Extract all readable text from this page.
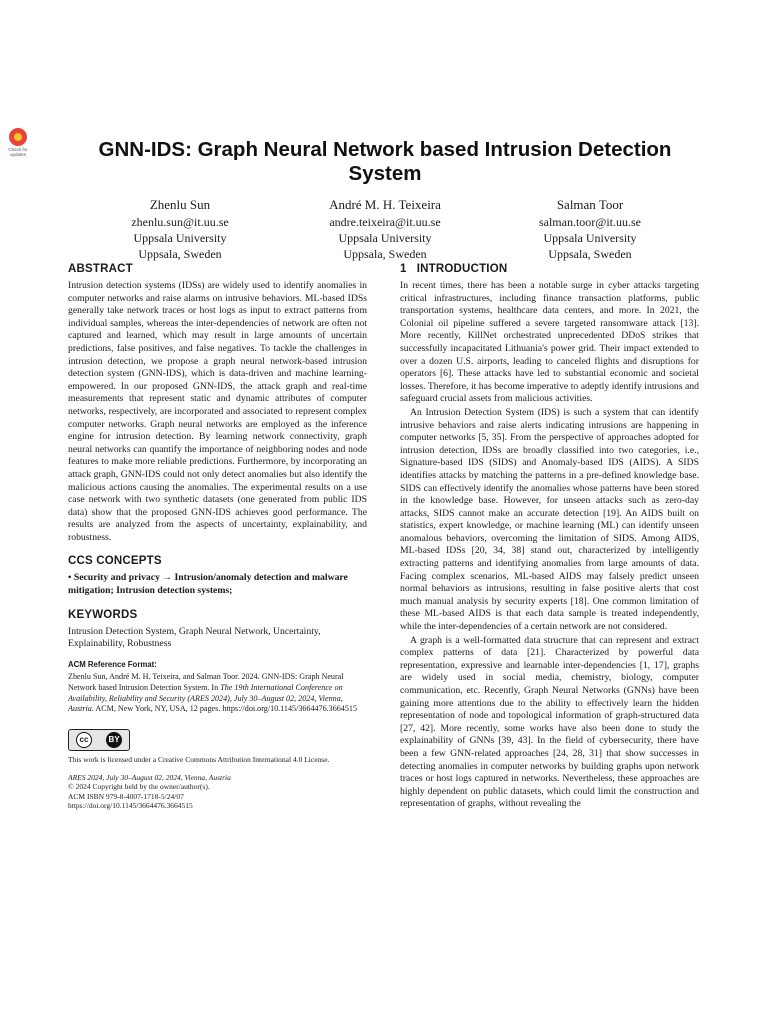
Check for updates	GNN-IDS: Graph Neural Network based Intrusion Detection System
Zhenlu Sun
zhenlu.sun@it.uu.se
Uppsala University
Uppsala, Sweden
André M. H. Teixeira
andre.teixeira@it.uu.se
Uppsala University
Uppsala, Sweden
Salman Toor
salman.toor@it.uu.se
Uppsala University
Uppsala, Sweden
ABSTRACT

Intrusion detection systems (IDSs) are widely used to identify anomalies in computer networks and raise alarms on intrusive behaviors. ML-based IDSs generally take network traces or host logs as input to extract patterns from individual samples, whereas the inter-dependencies of network are often not captured and learned, which may result in large amounts of uncertain predictions, false positives, and false negatives. To tackle the challenges in intrusion detection, we propose a graph neural network-based intrusion detection system (GNN-IDS), which is data-driven and machine learning-empowered. In our proposed GNN-IDS, the attack graph and real-time measurements that represent static and dynamic attributes of computer networks, respectively, are incorporated and associated to represent complex computer networks. Graph neural networks are employed as the inference engine for intrusion detection. By learning network connectivity, graph neural networks can quantify the importance of neighboring nodes and node features to make more reliable predictions. Furthermore, by incorporating an attack graph, GNN-IDS could not only detect anomalies but also identify the malicious actions causing the anomalies. The experimental results on a use case network with two synthetic datasets (one generated from public IDS data) show that the proposed GNN-IDS achieves good performance. The results are analyzed from the aspects of uncertainty, explainability, and robustness.

CCS CONCEPTS

• Security and privacy → Intrusion/anomaly detection and malware mitigation; Intrusion detection systems;

KEYWORDS

Intrusion Detection System, Graph Neural Network, Uncertainty, Explainability, Robustness

ACM Reference Format:
Zhenlu Sun, André M. H. Teixeira, and Salman Toor. 2024. GNN-IDS: Graph Neural Network based Intrusion Detection System. In The 19th International Conference on Availability, Reliability and Security (ARES 2024), July 30–August 02, 2024, Vienna, Austria. ACM, New York, NY, USA, 12 pages. https://doi.org/10.1145/3664476.3664515
cc	BY
This work is licensed under a Creative Commons Attribution International 4.0 License.
ARES 2024, July 30–August 02, 2024, Vienna, Austria
© 2024 Copyright held by the owner/author(s).
ACM ISBN 979-8-4007-1718-5/24/07
https://doi.org/10.1145/3664476.3664515
1   INTRODUCTION

In recent times, there has been a notable surge in cyber attacks targeting critical infrastructures, including finance transaction platforms, public transportation systems, healthcare data centers, and more. In 2021, the Colonial oil pipeline suffered a severe targeted ransomware attack [13]. More recently, KillNet orchestrated unprecedented DDoS strikes that successfully incapacitated Lithuania's power grid. Their impact extended to over a dozen U.S. airports, leading to canceled flights and disruptions for operators [6]. These attacks have led to substantial economic and societal losses. Therefore, it has become imperative to adeptly identify intrusions and safeguard crucial assets from malicious activities.

An Intrusion Detection System (IDS) is such a system that can identify intrusive behaviors and raise alerts indicating intrusions are happening in computer networks [5, 35]. From the perspective of approaches adopted for intrusion detection, IDSs are broadly classified into two categories, i.e., Signature-based IDS (SIDS) and Anomaly-based IDS (AIDS). A SIDS identifies attacks by matching the patterns in a pre-defined knowledge base. SIDS can effectively identify the anomalies whose patterns have been stored in the knowledge base. However, for unseen attacks such as zero-day attacks, SIDS cannot make an accurate detection [19]. An AIDS built on statistics, expert knowledge, or machine learning (ML) can identify unseen anomalous behaviors, overcoming the limitation of SIDS. Among AIDS, ML-based IDSs [20, 34, 38] stand out, characterized by intelligently extracting patterns and identifying anomalies from large amounts of data. Facing complex scenarios, ML-based AIDS may falsely predict unseen normal behaviors as intrusions, resulting in false positive alerts that cost much manual analysis by security experts [18]. One common limitation of these ML-based AIDS is that each data sample is treated independently, while the inter-dependencies of a certain network are not considered.

A graph is a well-formatted data structure that can represent and extract complex patterns of data [21]. Characterized by powerful data representation, expressive and learnable inter-dependencies [1, 17], graphs are widely used in social media, chemistry, biology, computer communication, etc. Recently, Graph Neural Networks (GNNs) have been gaining more attentions due to the ability to effectively learn the hidden representation of node and topological information of graph-structured data [27, 42]. More recently, some works have also been done to study the explainability of GNNs [39, 43]. In the field of cybersecurity, there have been a few GNN-related approaches [24, 28, 31] that show successes in detecting anomalies in computer networks by building graphs upon network traces or host logs captured in networks. Nevertheless, these approaches are highly dependent on public datasets, which could limit the construction and representation of graphs, without revealing the
